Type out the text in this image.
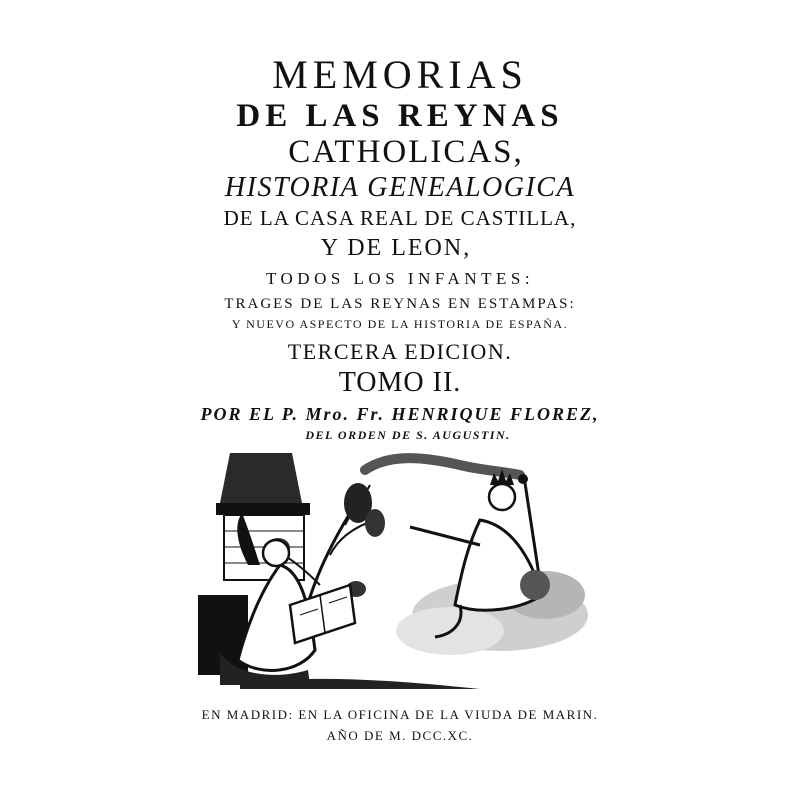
MEMORIAS
DE LAS REYNAS
CATHOLICAS,
HISTORIA GENEALOGICA
DE LA CASA REAL DE CASTILLA,
Y DE LEON,
TODOS LOS INFANTES:
TRAGES DE LAS REYNAS EN ESTAMPAS:
Y NUEVO ASPECTO DE LA HISTORIA DE ESPAÑA.
TERCERA EDICION.
TOMO II.
POR EL P. Mro. Fr. HENRIQUE FLOREZ,
DEL ORDEN DE S. AUGUSTIN.
EN MADRID: EN LA OFICINA DE LA VIUDA DE MARIN.
AÑO DE M. DCC.XC.
